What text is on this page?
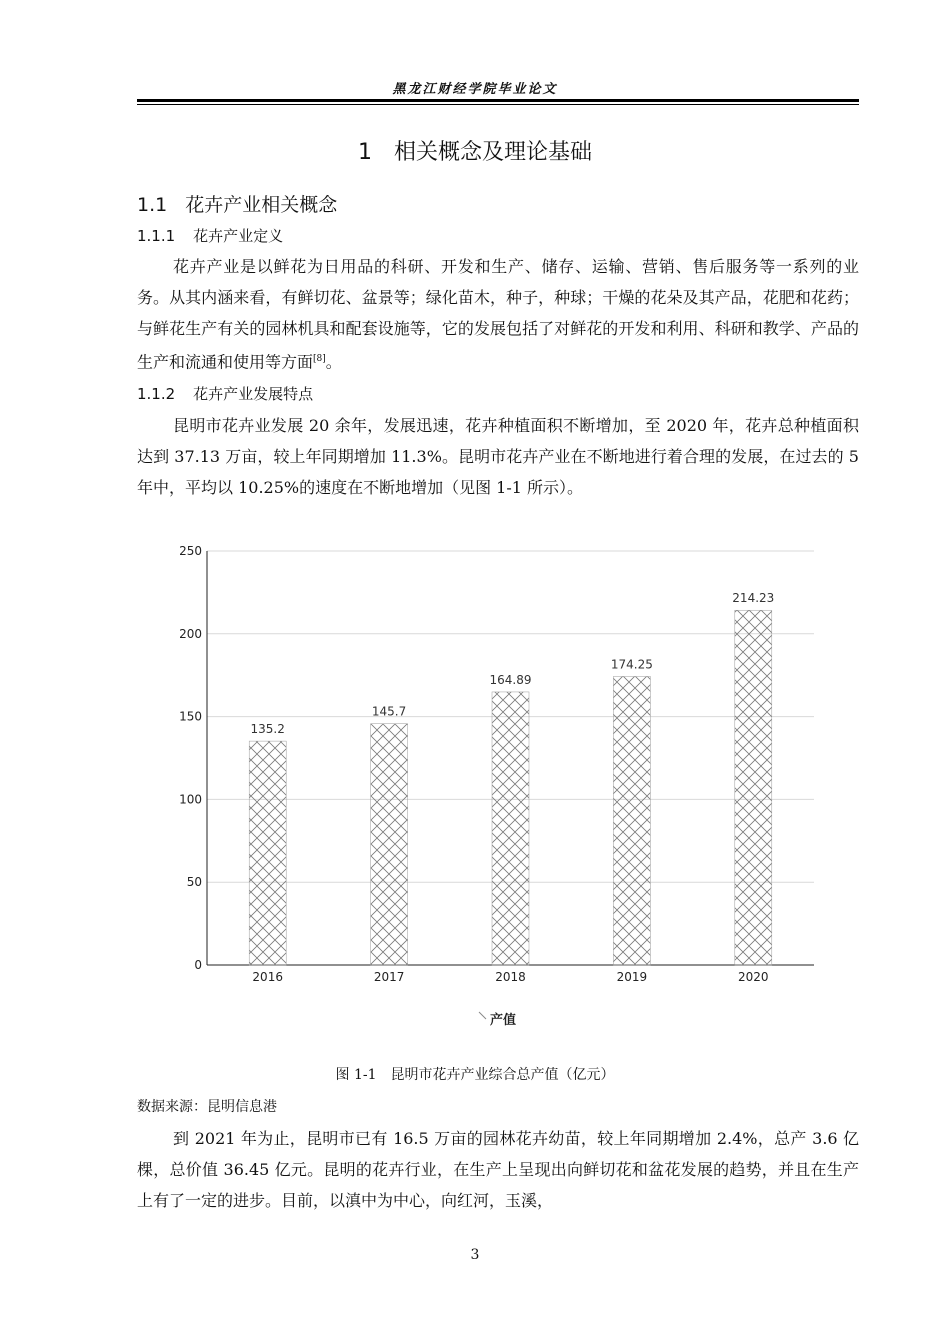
黑龙江财经学院毕业论文
1 相关概念及理论基础
1.1 花卉产业相关概念
1.1.1 花卉产业定义
花卉产业是以鲜花为日用品的科研、开发和生产、储存、运输、营销、售后服务等一系列的业务。从其内涵来看，有鲜切花、盆景等；绿化苗木，种子，种球；干燥的花朵及其产品，花肥和花药；与鲜花生产有关的园林机具和配套设施等，它的发展包括了对鲜花的开发和利用、科研和教学、产品的生产和流通和使用等方面[8]。
1.1.2 花卉产业发展特点
昆明市花卉业发展 20 余年，发展迅速，花卉种植面积不断增加，至 2020 年，花卉总种植面积达到 37.13 万亩，较上年同期增加 11.3%。昆明市花卉产业在不断地进行着合理的发展，在过去的 5 年中，平均以 10.25%的速度在不断地增加（见图 1-1 所示）。
0
50
100
150
200
250
135.2
2016
145.7
2017
164.89
2018
174.25
2019
214.23
2020
产值
图 1-1 昆明市花卉产业综合总产值（亿元）
数据来源：昆明信息港
到 2021 年为止，昆明市已有 16.5 万亩的园林花卉幼苗，较上年同期增加 2.4%，总产 3.6 亿棵，总价值 36.45 亿元。昆明的花卉行业，在生产上呈现出向鲜切花和盆花发展的趋势，并且在生产上有了一定的进步。目前，以滇中为中心，向红河，玉溪，
3
